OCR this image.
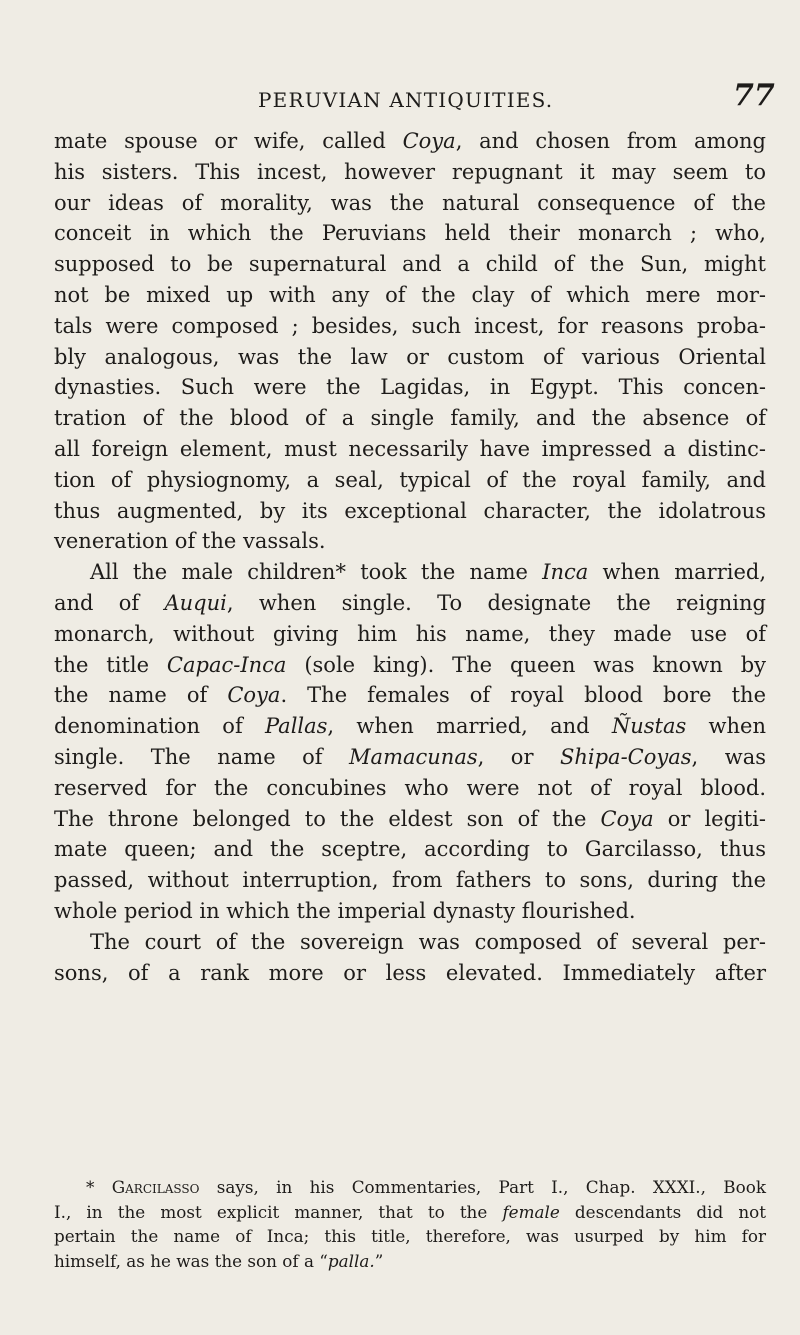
PERUVIAN ANTIQUITIES.	77

mate spouse or wife, called Coya, and chosen from among

his sisters. This incest, however repugnant it may seem to

our ideas of morality, was the natural consequence of the

conceit in which the Peruvians held their monarch ; who,

supposed to be supernatural and a child of the Sun, might

not be mixed up with any of the clay of which mere mor-

tals were composed ; besides, such incest, for reasons proba-

bly analogous, was the law or custom of various Oriental

dynasties. Such were the Lagidas, in Egypt. This concen-

tration of the blood of a single family, and the absence of

all foreign element, must necessarily have impressed a distinc-

tion of physiognomy, a seal, typical of the royal family, and

thus augmented, by its exceptional character, the idolatrous

veneration of the vassals.

All the male children* took the name Inca when married,

and of Auqui, when single. To designate the reigning

monarch, without giving him his name, they made use of

the title Capac-Inca (sole king). The queen was known by

the name of Coya. The females of royal blood bore the

denomination of Pallas, when married, and Ñustas when

single. The name of Mamacunas, or Shipa-Coyas, was

reserved for the concubines who were not of royal blood.

The throne belonged to the eldest son of the Coya or legiti-

mate queen; and the sceptre, according to Garcilasso, thus

passed, without interruption, from fathers to sons, during the

whole period in which the imperial dynasty flourished.

The court of the sovereign was composed of several per-

sons, of a rank more or less elevated. Immediately after

* Garcilasso says, in his Commentaries, Part I., Chap. XXXI., Book

I., in the most explicit manner, that to the female descendants did not

pertain the name of Inca; this title, therefore, was usurped by him for

himself, as he was the son of a “palla.”
